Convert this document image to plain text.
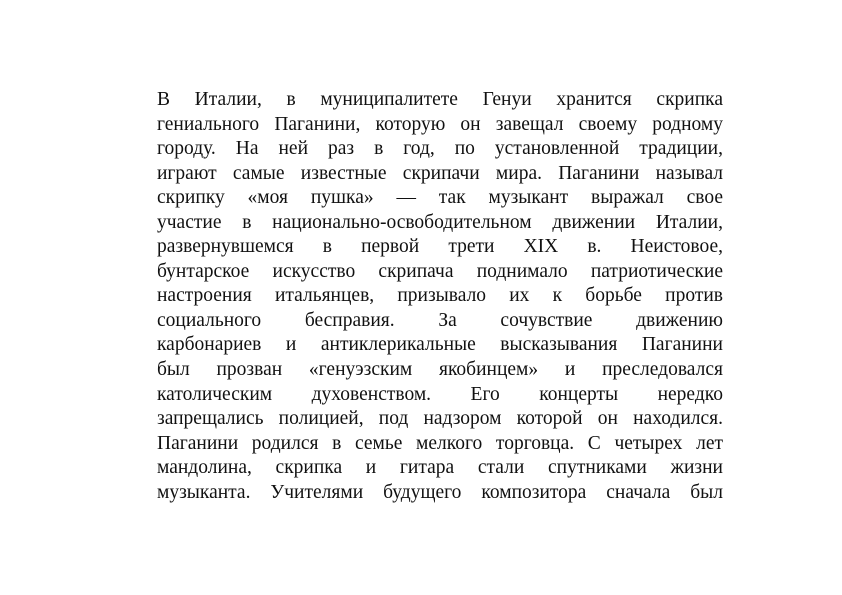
В Италии, в муниципалитете Генуи хранится скрипка
гениального Паганини, которую он завещал своему родному
городу. На ней раз в год, по установленной традиции,
играют самые известные скрипачи мира. Паганини называл
скрипку «моя пушка» — так музыкант выражал свое
участие в национально-освободительном движении Италии,
развернувшемся в первой трети XIX в. Неистовое,
бунтарское искусство скрипача поднимало патриотические
настроения итальянцев, призывало их к борьбе против
социального бесправия. За сочувствие движению
карбонариев и антиклерикальные высказывания Паганини
был прозван «генуэзским якобинцем» и преследовался
католическим духовенством. Его концерты нередко
запрещались полицией, под надзором которой он находился.
Паганини родился в семье мелкого торговца. С четырех лет
мандолина, скрипка и гитара стали спутниками жизни
музыканта. Учителями будущего композитора сначала был
